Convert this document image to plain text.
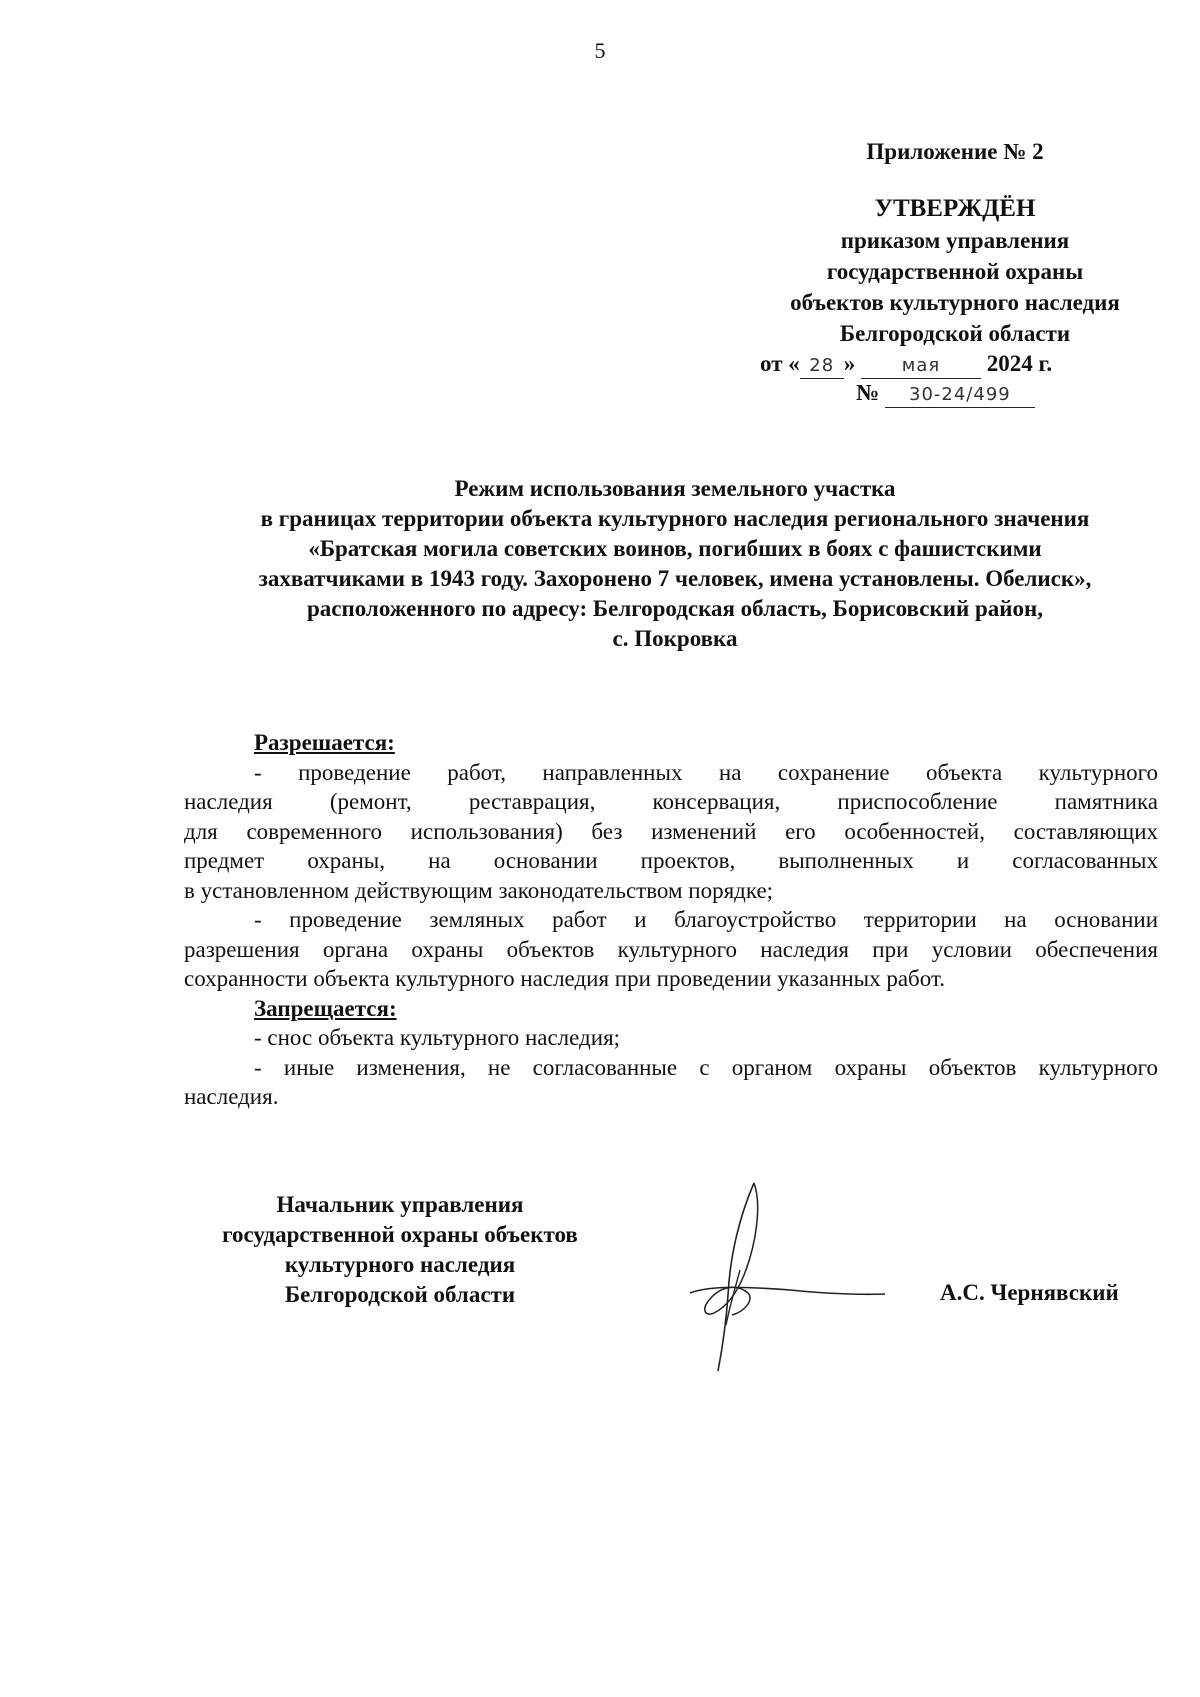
5
Приложение № 2
УТВЕРЖДЁН
приказом управления
государственной охраны
объектов культурного наследия
Белгородской области
от « 28 »	мая 2024 г.
№ 30-24/499
Режим использования земельного участка
в границах территории объекта культурного наследия регионального значения
«Братская могила советских воинов, погибших в боях с фашистскими
захватчиками в 1943 году. Захоронено 7 человек, имена установлены. Обелиск»,
расположенного по адресу: Белгородская область, Борисовский район,
с. Покровка
Разрешается:
- проведение работ, направленных на сохранение объекта культурного
наследия (ремонт, реставрация, консервация, приспособление памятника
для современного использования) без изменений его особенностей, составляющих
предмет охраны, на основании проектов, выполненных и согласованных
в установленном действующим законодательством порядке;
- проведение земляных работ и благоустройство территории на основании
разрешения органа охраны объектов культурного наследия при условии обеспечения
сохранности объекта культурного наследия при проведении указанных работ.
Запрещается:
- снос объекта культурного наследия;
- иные изменения, не согласованные с органом охраны объектов культурного
наследия.
Начальник управления
государственной охраны объектов
культурного наследия
Белгородской области	А.С. Чернявский
